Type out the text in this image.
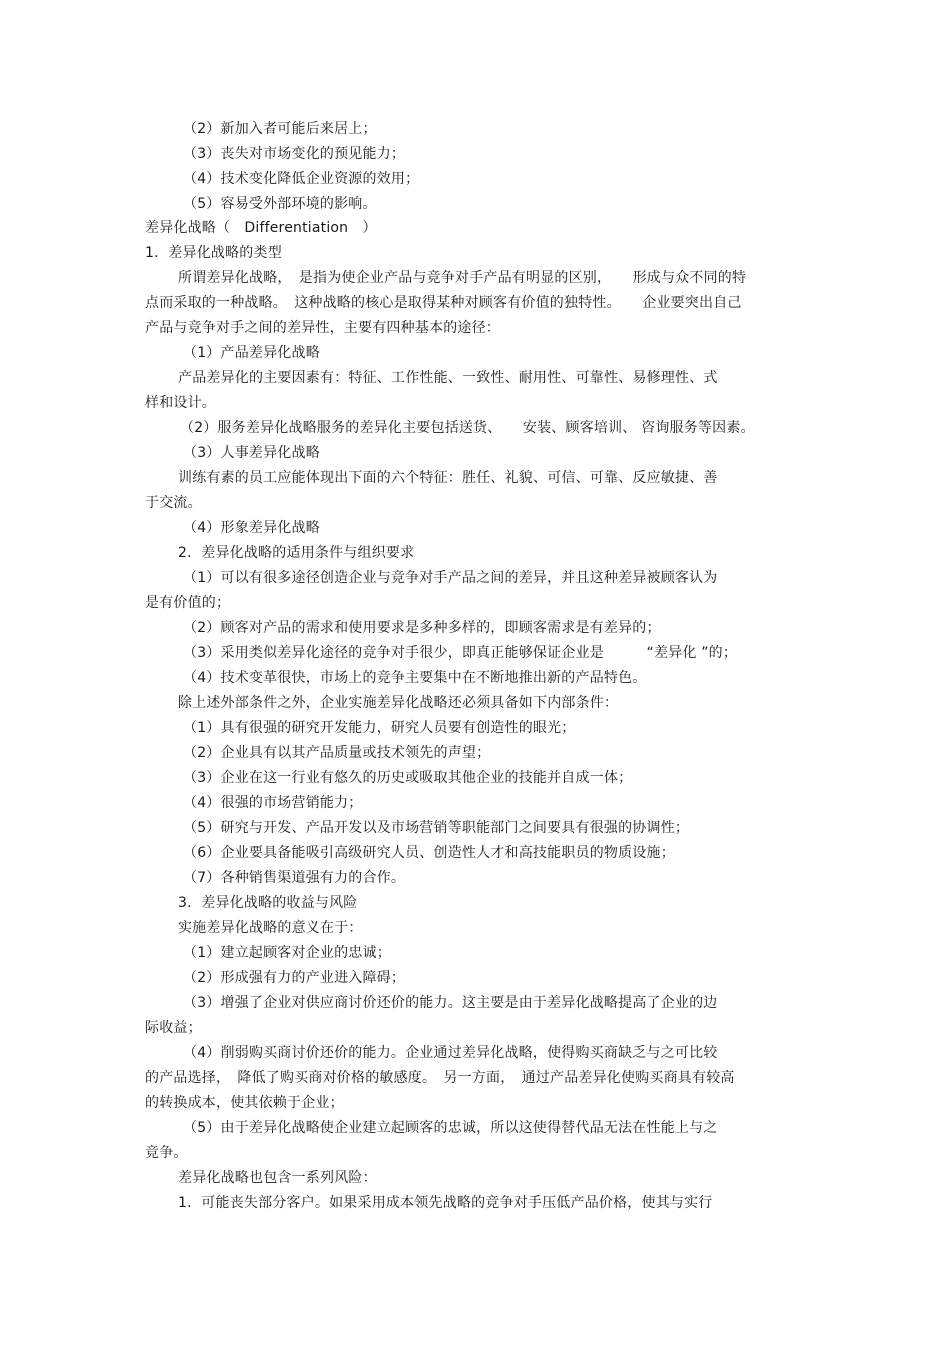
（2）新加入者可能后来居上；
（3）丧失对市场变化的预见能力；
（4）技术变化降低企业资源的效用；
（5）容易受外部环境的影响。
差异化战略（　Differentiation　）
1．差异化战略的类型
所谓差异化战略，　是指为使企业产品与竞争对手产品有明显的区别，　　形成与众不同的特
点而采取的一种战略。　这种战略的核心是取得某种对顾客有价值的独特性。　　企业要突出自己
产品与竞争对手之间的差异性，主要有四种基本的途径：
（1）产品差异化战略
产品差异化的主要因素有：特征、工作性能、一致性、耐用性、可靠性、易修理性、式
样和设计。
（2）服务差异化战略服务的差异化主要包括送货、　　安装、顾客培训、 咨询服务等因素。
（3）人事差异化战略
训练有素的员工应能体现出下面的六个特征：胜任、礼貌、可信、可靠、反应敏捷、善
于交流。
（4）形象差异化战略
2．差异化战略的适用条件与组织要求
（1）可以有很多途径创造企业与竞争对手产品之间的差异，并且这种差异被顾客认为
是有价值的；
（2）顾客对产品的需求和使用要求是多种多样的，即顾客需求是有差异的；
（3）采用类似差异化途径的竞争对手很少，即真正能够保证企业是　　　“差异化 ”的；
（4）技术变革很快，市场上的竞争主要集中在不断地推出新的产品特色。
除上述外部条件之外，企业实施差异化战略还必须具备如下内部条件：
（1）具有很强的研究开发能力，研究人员要有创造性的眼光；
（2）企业具有以其产品质量或技术领先的声望；
（3）企业在这一行业有悠久的历史或吸取其他企业的技能并自成一体；
（4）很强的市场营销能力；
（5）研究与开发、产品开发以及市场营销等职能部门之间要具有很强的协调性；
（6）企业要具备能吸引高级研究人员、创造性人才和高技能职员的物质设施；
（7）各种销售渠道强有力的合作。
3．差异化战略的收益与风险
实施差异化战略的意义在于：
（1）建立起顾客对企业的忠诚；
（2）形成强有力的产业进入障碍；
（3）增强了企业对供应商讨价还价的能力。这主要是由于差异化战略提高了企业的边
际收益；
（4）削弱购买商讨价还价的能力。企业通过差异化战略，使得购买商缺乏与之可比较
的产品选择，　降低了购买商对价格的敏感度。　另一方面，　通过产品差异化使购买商具有较高
的转换成本，使其依赖于企业；
（5）由于差异化战略使企业建立起顾客的忠诚，所以这使得替代品无法在性能上与之
竞争。
差异化战略也包含一系列风险：
1．可能丧失部分客户。如果采用成本领先战略的竞争对手压低产品价格，使其与实行
